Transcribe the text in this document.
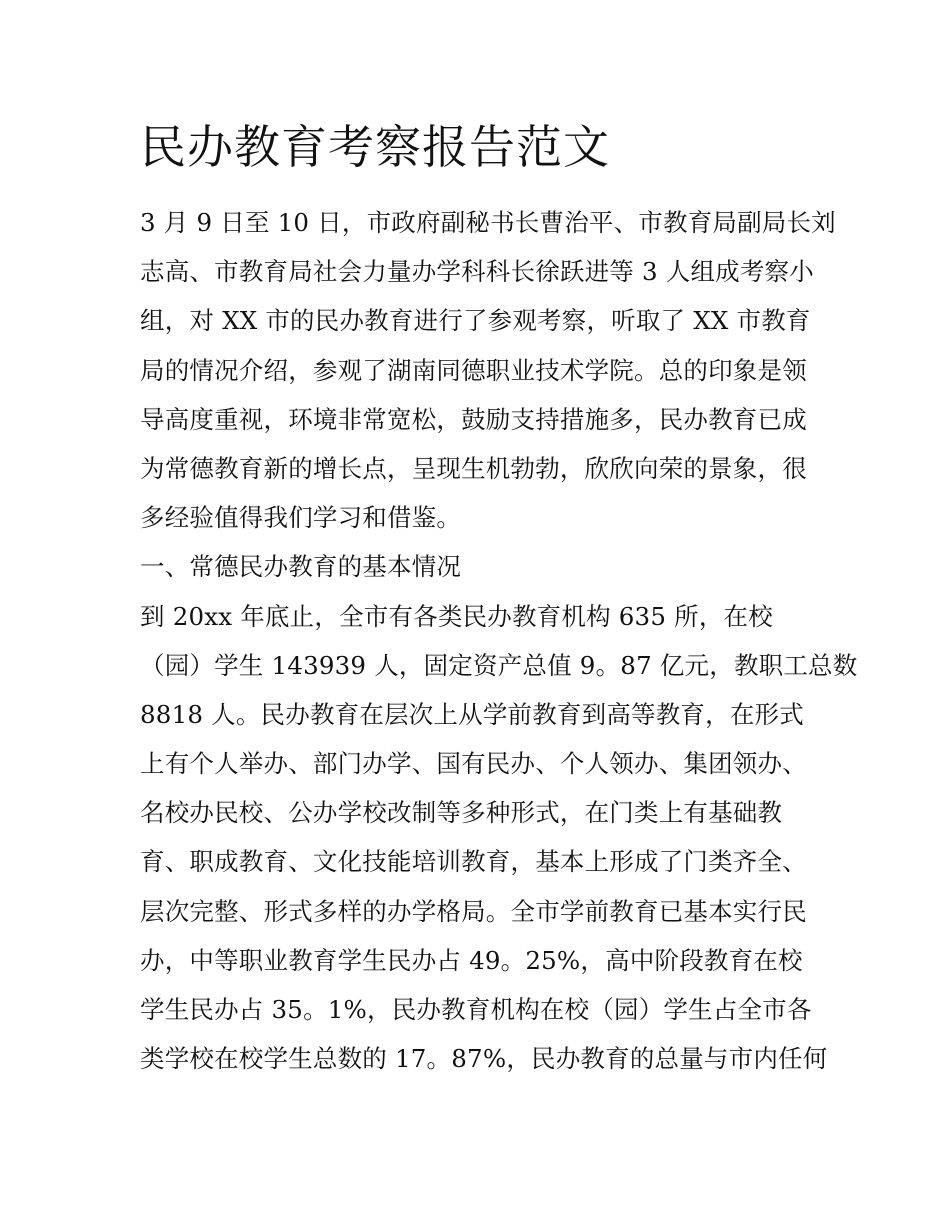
民办教育考察报告范文
3 月 9 日至 10 日，市政府副秘书长曹治平、市教育局副局长刘
志高、市教育局社会力量办学科科长徐跃进等 3 人组成考察小
组，对 XX 市的民办教育进行了参观考察，听取了 XX 市教育
局的情况介绍，参观了湖南同德职业技术学院。总的印象是领
导高度重视，环境非常宽松，鼓励支持措施多，民办教育已成
为常德教育新的增长点，呈现生机勃勃，欣欣向荣的景象，很
多经验值得我们学习和借鉴。
一、常德民办教育的基本情况
到 20xx 年底止，全市有各类民办教育机构 635 所，在校
（园）学生 143939 人，固定资产总值 9。87 亿元，教职工总数
8818 人。民办教育在层次上从学前教育到高等教育，在形式
上有个人举办、部门办学、国有民办、个人领办、集团领办、
名校办民校、公办学校改制等多种形式，在门类上有基础教
育、职成教育、文化技能培训教育，基本上形成了门类齐全、
层次完整、形式多样的办学格局。全市学前教育已基本实行民
办，中等职业教育学生民办占 49。25%，高中阶段教育在校
学生民办占 35。1%，民办教育机构在校（园）学生占全市各
类学校在校学生总数的 17。87%，民办教育的总量与市内任何
